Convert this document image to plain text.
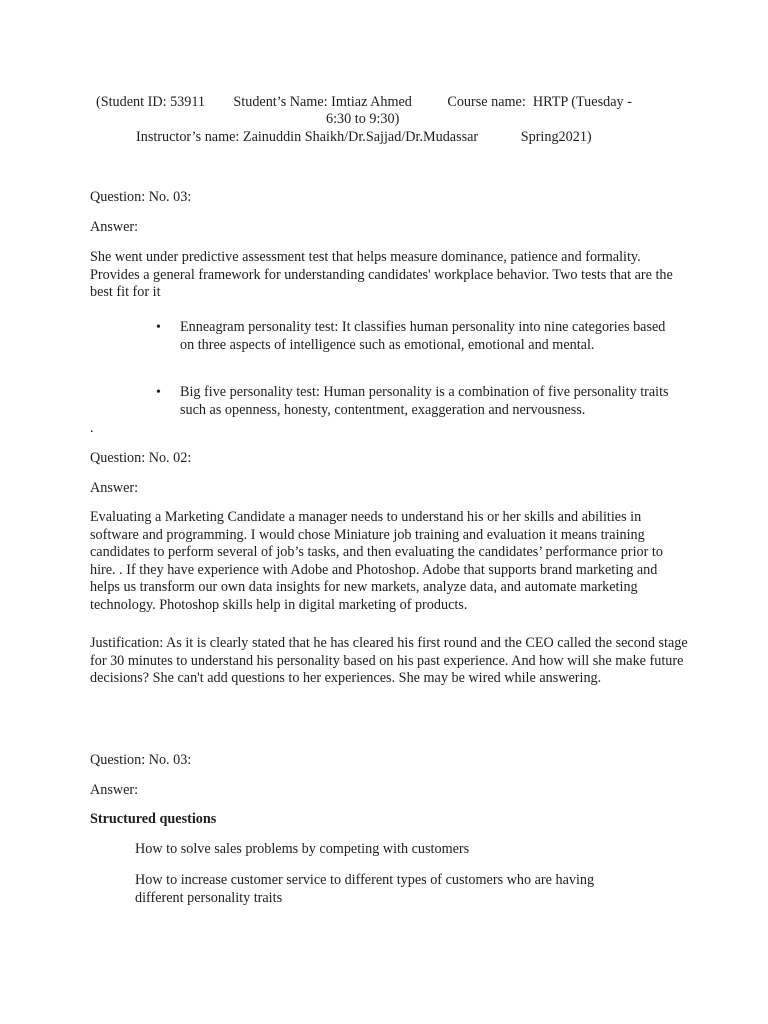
(Student ID: 53911        Student’s Name: Imtiaz Ahmed          Course name:  HRTP (Tuesday -
6:30 to 9:30)
Instructor’s name: Zainuddin Shaikh/Dr.Sajjad/Dr.Mudassar            Spring2021)
Question: No. 03:
Answer:
She went under predictive assessment test that helps measure dominance, patience and formality. Provides a general framework for understanding candidates' workplace behavior. Two tests that are the best fit for it
• Enneagram personality test: It classifies human personality into nine categories based on three aspects of intelligence such as emotional, emotional and mental.
• Big five personality test: Human personality is a combination of five personality traits such as openness, honesty, contentment, exaggeration and nervousness.
.
Question: No. 02:
Answer:
Evaluating a Marketing Candidate a manager needs to understand his or her skills and abilities in software and programming. I would chose Miniature job training and evaluation it means training candidates to perform several of job’s tasks, and then evaluating the candidates’ performance prior to hire. . If they have experience with Adobe and Photoshop. Adobe that supports brand marketing and helps us transform our own data insights for new markets, analyze data, and automate marketing technology. Photoshop skills help in digital marketing of products.
Justification: As it is clearly stated that he has cleared his first round and the CEO called the second stage for 30 minutes to understand his personality based on his past experience. And how will she make future decisions? She can't add questions to her experiences. She may be wired while answering.
Question: No. 03:
Answer:
Structured questions
How to solve sales problems by competing with customers
How to increase customer service to different types of customers who are having different personality traits
